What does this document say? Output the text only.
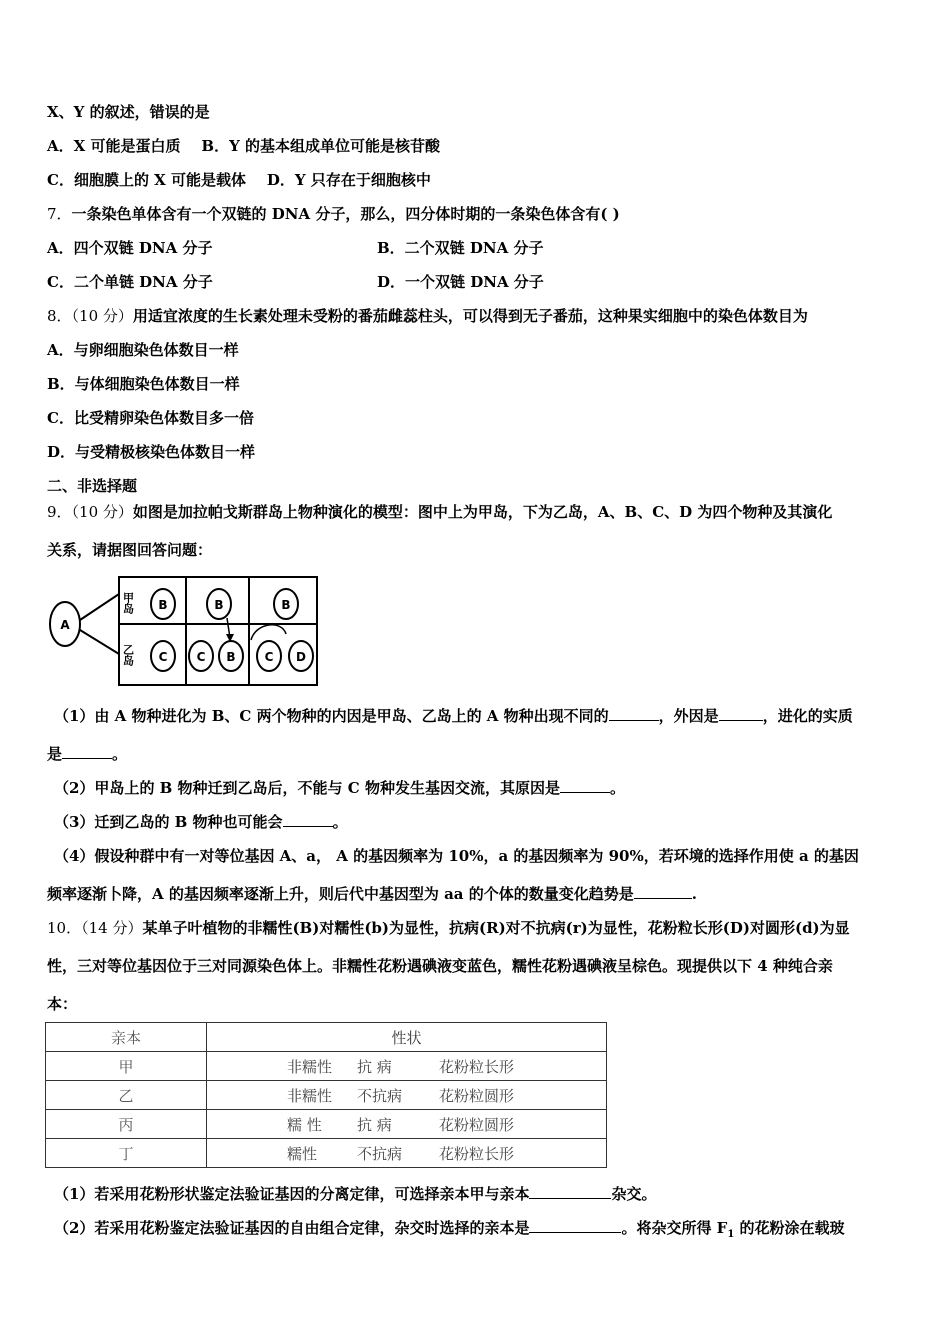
X、Y 的叙述，错误的是
A．X 可能是蛋白质 B．Y 的基本组成单位可能是核苷酸
C．细胞膜上的 X 可能是载体 D．Y 只存在于细胞核中
7．一条染色单体含有一个双链的 DNA 分子，那么，四分体时期的一条染色体含有( )
A．四个双链 DNA 分子	B．二个双链 DNA 分子
C．二个单链 DNA 分子	D．一个双链 DNA 分子
8．（10 分）用适宜浓度的生长素处理未受粉的番茄雌蕊柱头，可以得到无子番茄，这种果实细胞中的染色体数目为
A．与卵细胞染色体数目一样
B．与体细胞染色体数目一样
C．比受精卵染色体数目多一倍
D．与受精极核染色体数目一样
二、非选择题
9．（10 分）如图是加拉帕戈斯群岛上物种演化的模型：图中上为甲岛，下为乙岛，A、B、C、D 为四个物种及其演化
关系，请据图回答问题：
甲岛
乙岛
A
B	B	B
C C B C D
（1）由 A 物种进化为 B、C 两个物种的内因是甲岛、乙岛上的 A 物种出现不同的	，外因是	，进化的实质
是	。
（2）甲岛上的 B 物种迁到乙岛后，不能与 C 物种发生基因交流，其原因是	。
（3）迁到乙岛的 B 物种也可能会	。
（4）假设种群中有一对等位基因 A、a， A 的基因频率为 10%，a 的基因频率为 90%，若环境的选择作用使 a 的基因
频率逐渐卜降，A 的基因频率逐渐上升，则后代中基因型为 aa 的个体的数量变化趋势是	.
10．（14 分）某单子叶植物的非糯性(B)对糯性(b)为显性，抗病(R)对不抗病(r)为显性，花粉粒长形(D)对圆形(d)为显
性，三对等位基因位于三对同源染色体上。非糯性花粉遇碘液变蓝色，糯性花粉遇碘液呈棕色。现提供以下 4 种纯合亲
本：
亲本	性状
甲	非糯性 抗 病 花粉粒长形
乙	非糯性 不抗病 花粉粒圆形
丙	糯 性 抗 病 花粉粒圆形
丁	糯性 不抗病 花粉粒长形
（1）若采用花粉形状鉴定法验证基因的分离定律，可选择亲本甲与亲本	杂交。
（2）若采用花粉鉴定法验证基因的自由组合定律，杂交时选择的亲本是	。将杂交所得 $F_1$ 的花粉涂在载玻
